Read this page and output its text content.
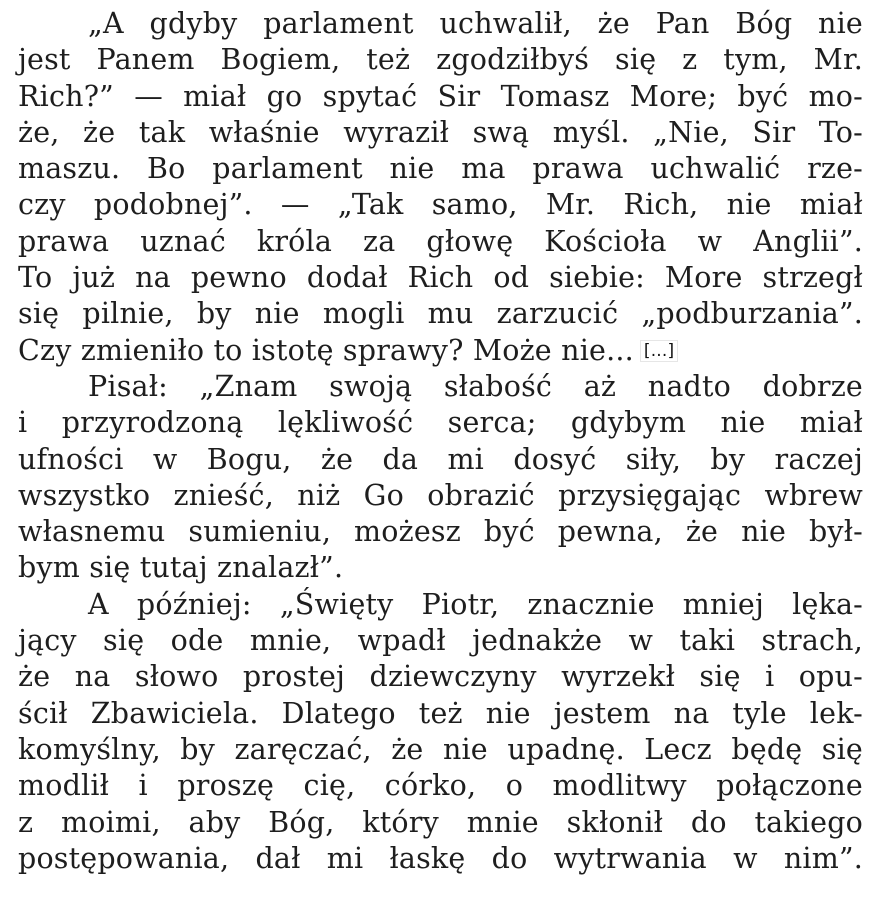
„A gdyby parlament uchwalił, że Pan Bóg nie
jest Panem Bogiem, też zgodziłbyś się z tym, Mr.
Rich?” — miał go spytać Sir Tomasz More; być mo-
że, że tak właśnie wyraził swą myśl. „Nie, Sir To-
maszu. Bo parlament nie ma prawa uchwalić rze-
czy podobnej”. — „Tak samo, Mr. Rich, nie miał
prawa uznać króla za głowę Kościoła w Anglii”.
To już na pewno dodał Rich od siebie: More strzegł
się pilnie, by nie mogli mu zarzucić „podburzania”.
Czy zmieniło to istotę sprawy? Może nie... [...]
Pisał: „Znam swoją słabość aż nadto dobrze
i przyrodzoną lękliwość serca; gdybym nie miał
ufności w Bogu, że da mi dosyć siły, by raczej
wszystko znieść, niż Go obrazić przysięgając wbrew
własnemu sumieniu, możesz być pewna, że nie był-
bym się tutaj znalazł”.
A później: „Święty Piotr, znacznie mniej lęka-
jący się ode mnie, wpadł jednakże w taki strach,
że na słowo prostej dziewczyny wyrzekł się i opu-
ścił Zbawiciela. Dlatego też nie jestem na tyle lek-
komyślny, by zaręczać, że nie upadnę. Lecz będę się
modlił i proszę cię, córko, o modlitwy połączone
z moimi, aby Bóg, który mnie skłonił do takiego
postępowania, dał mi łaskę do wytrwania w nim”.
